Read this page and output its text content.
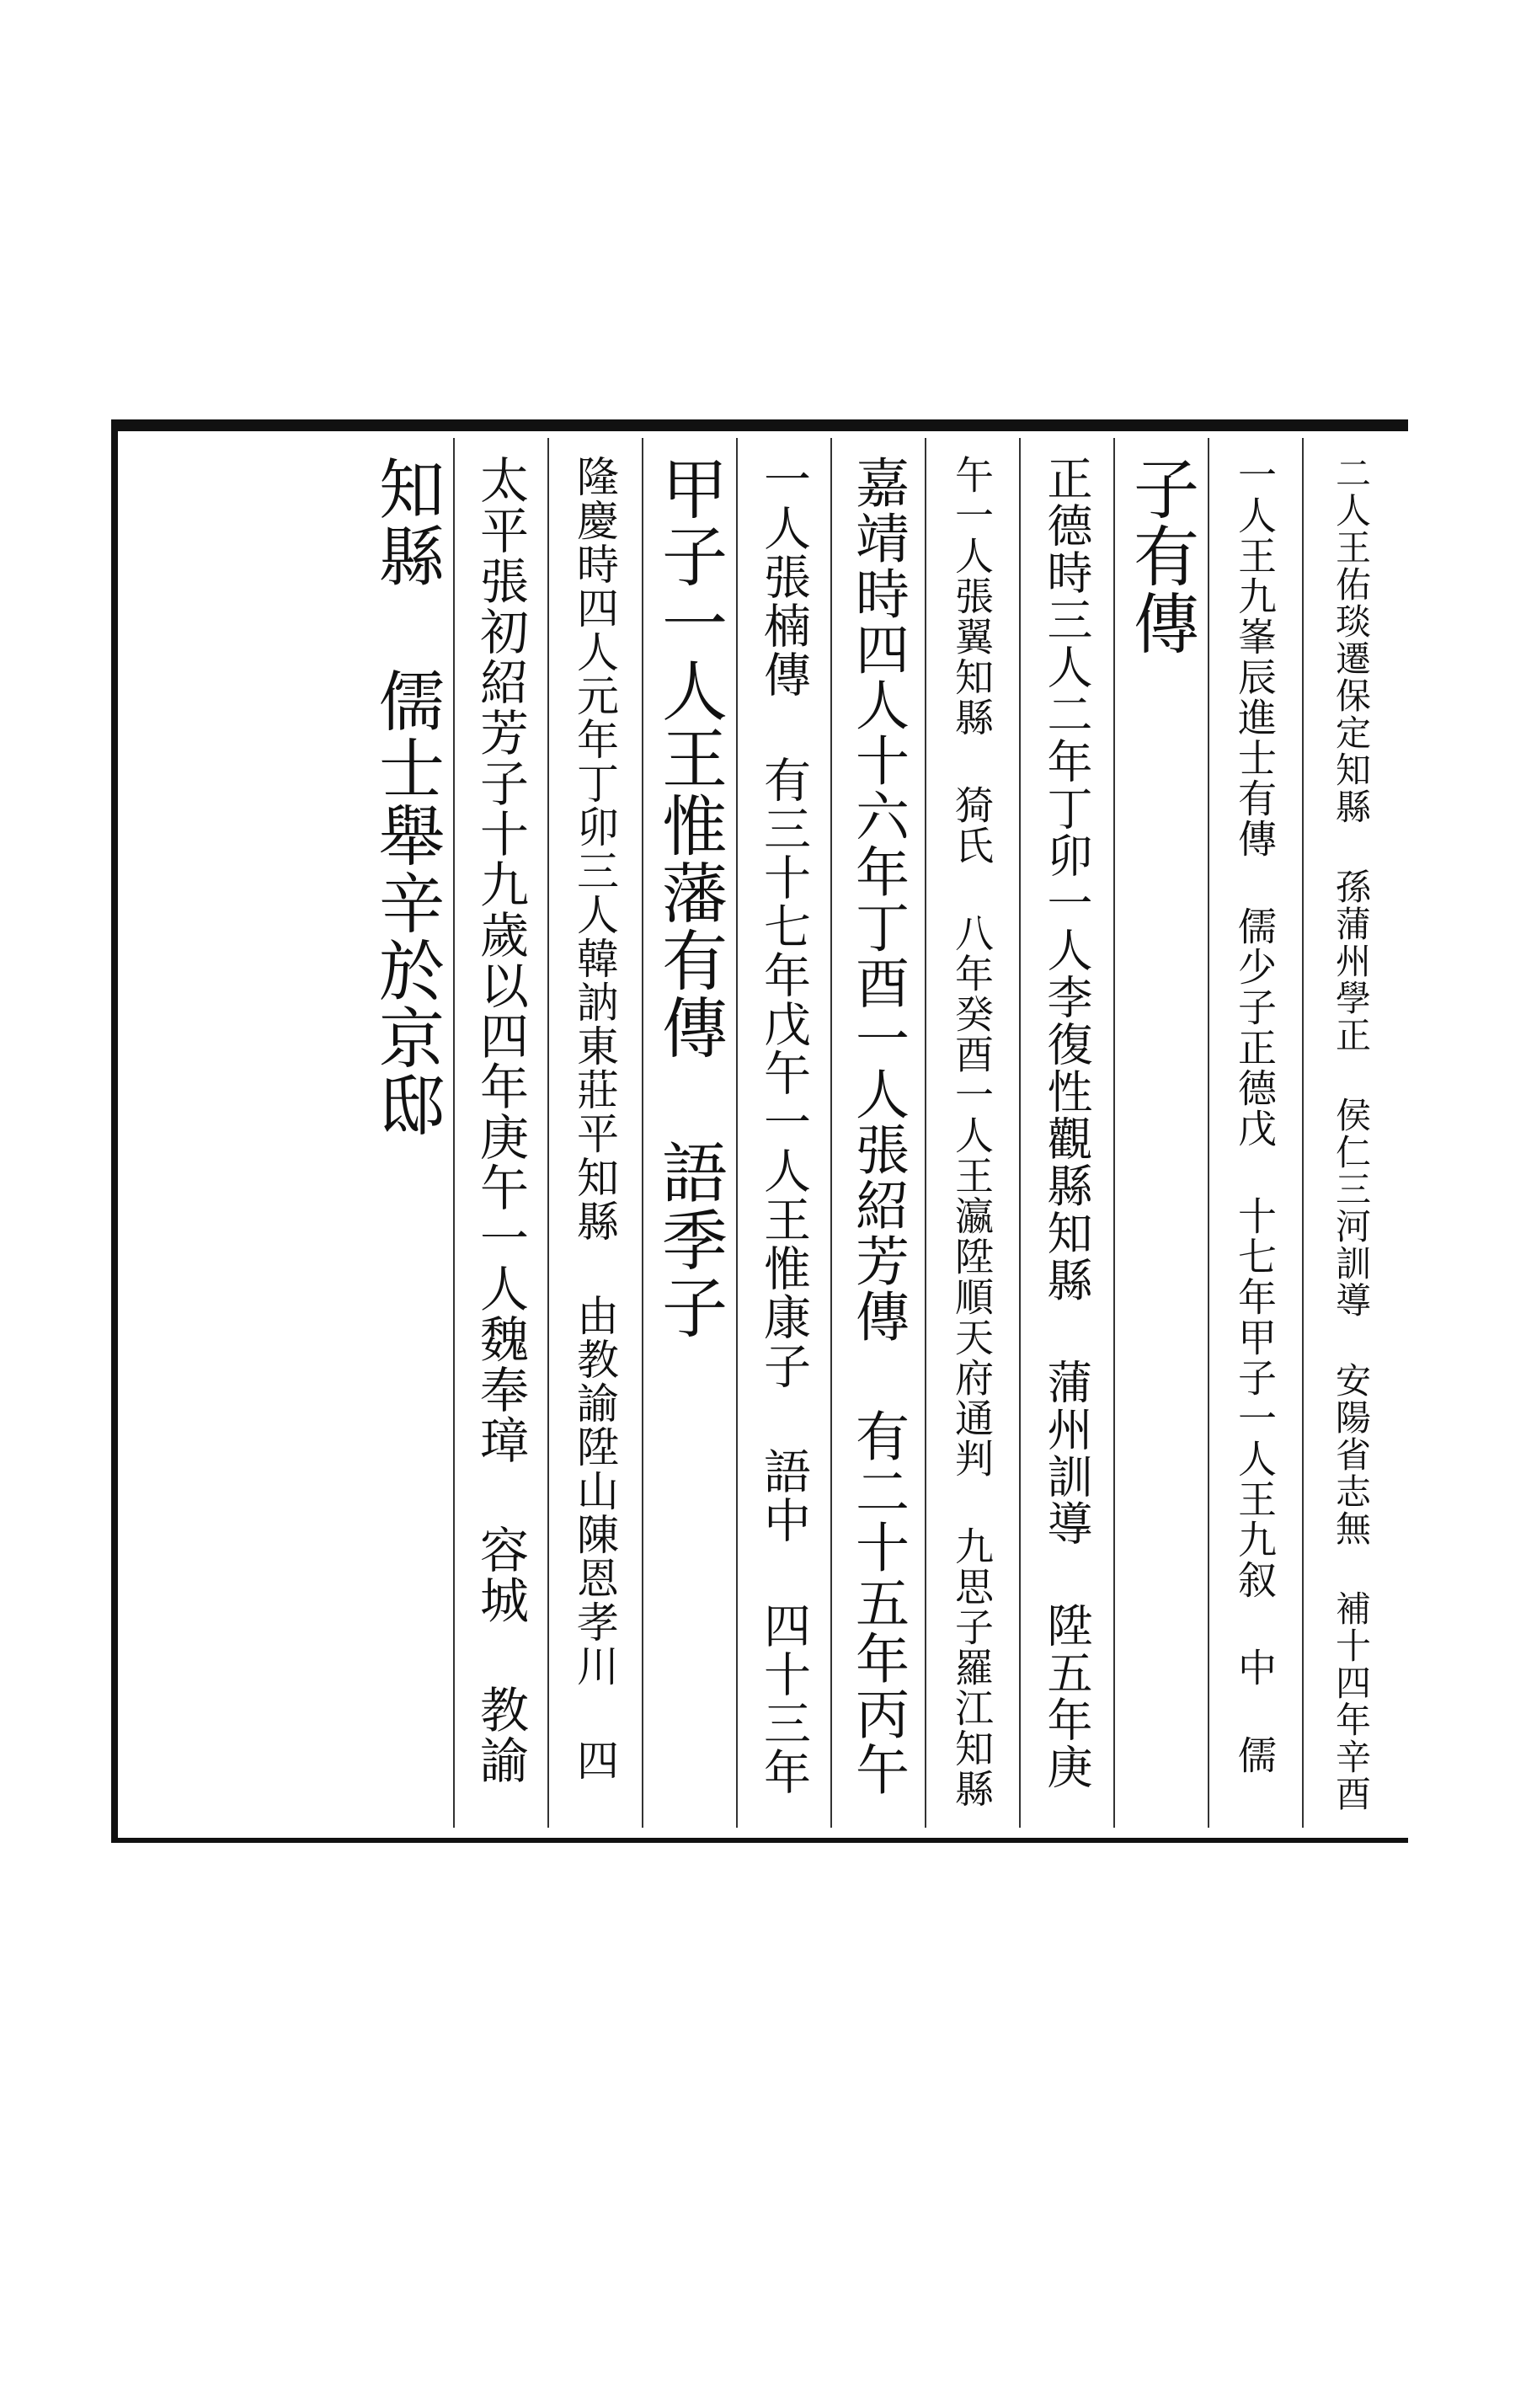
二人王佑琰遷保定知縣 孫蒲州學正 侯仁三河訓導 安陽省志無 補十四年辛酉
一人王九峯辰進士有傳 儒少子正德戊 十七年甲子一人王九叙 中 儒
子有傳
正德時三人二年丁卯一人李復性觀縣知縣 蒲州訓導 陞五年庚
午一人張翼知縣 猗氏 八年癸酉一人王瀛陞順天府通判 九思子羅江知縣
嘉靖時四人十六年丁酉一人張紹芳傳 有二十五年丙午
一人張楠傳 有三十七年戊午一人王惟康子 語中 四十三年
甲子一人王惟藩有傳 語季子
隆慶時四人元年丁卯三人韓訥東莊平知縣 由教諭陞山陳恩孝川 四
太平張初紹芳子十九歲以四年庚午一人魏奉璋 容城 教諭
知縣 儒士舉辛於京邸
